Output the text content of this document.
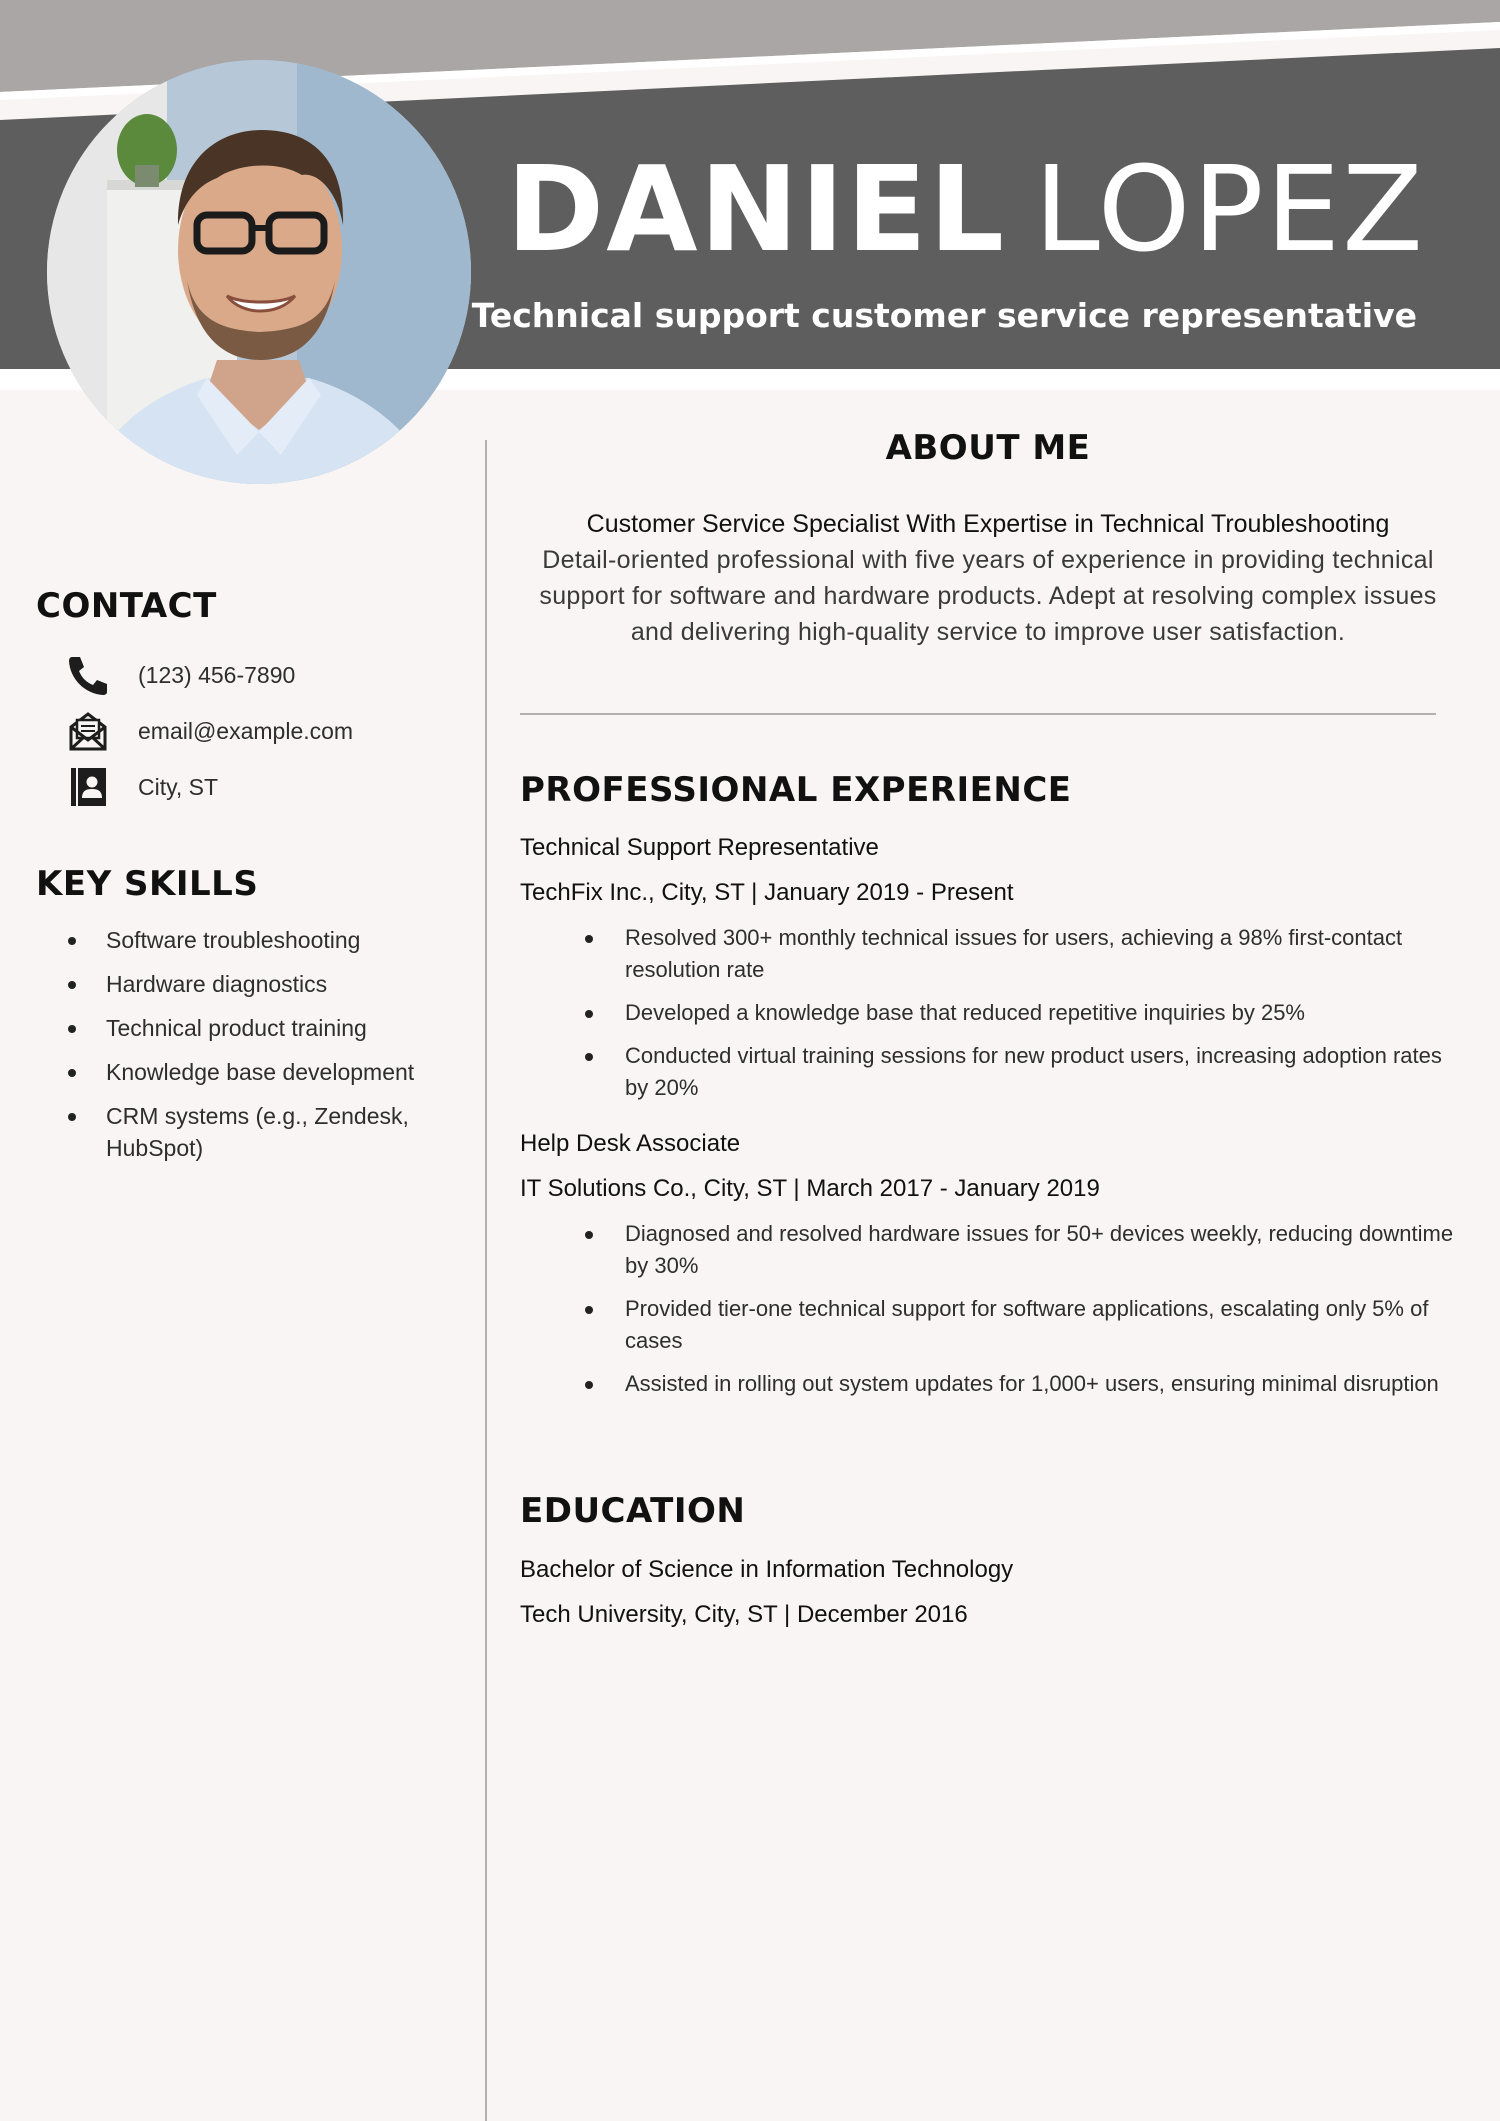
DANIEL LOPEZ
Technical support customer service representative
CONTACT
(123) 456-7890
email@example.com
City, ST
KEY SKILLS
Software troubleshooting
Hardware diagnostics
Technical product training
Knowledge base development
CRM systems (e.g., Zendesk, HubSpot)
ABOUT ME
Customer Service Specialist With Expertise in Technical Troubleshooting
Detail-oriented professional with five years of experience in providing technical support for software and hardware products. Adept at resolving complex issues and delivering high-quality service to improve user satisfaction.
PROFESSIONAL EXPERIENCE
Technical Support Representative
TechFix Inc., City, ST | January 2019 - Present
Resolved 300+ monthly technical issues for users, achieving a 98% first-contact resolution rate
Developed a knowledge base that reduced repetitive inquiries by 25%
Conducted virtual training sessions for new product users, increasing adoption rates by 20%
Help Desk Associate
IT Solutions Co., City, ST | March 2017 - January 2019
Diagnosed and resolved hardware issues for 50+ devices weekly, reducing downtime by 30%
Provided tier-one technical support for software applications, escalating only 5% of cases
Assisted in rolling out system updates for 1,000+ users, ensuring minimal disruption
EDUCATION
Bachelor of Science in Information Technology
Tech University, City, ST | December 2016
